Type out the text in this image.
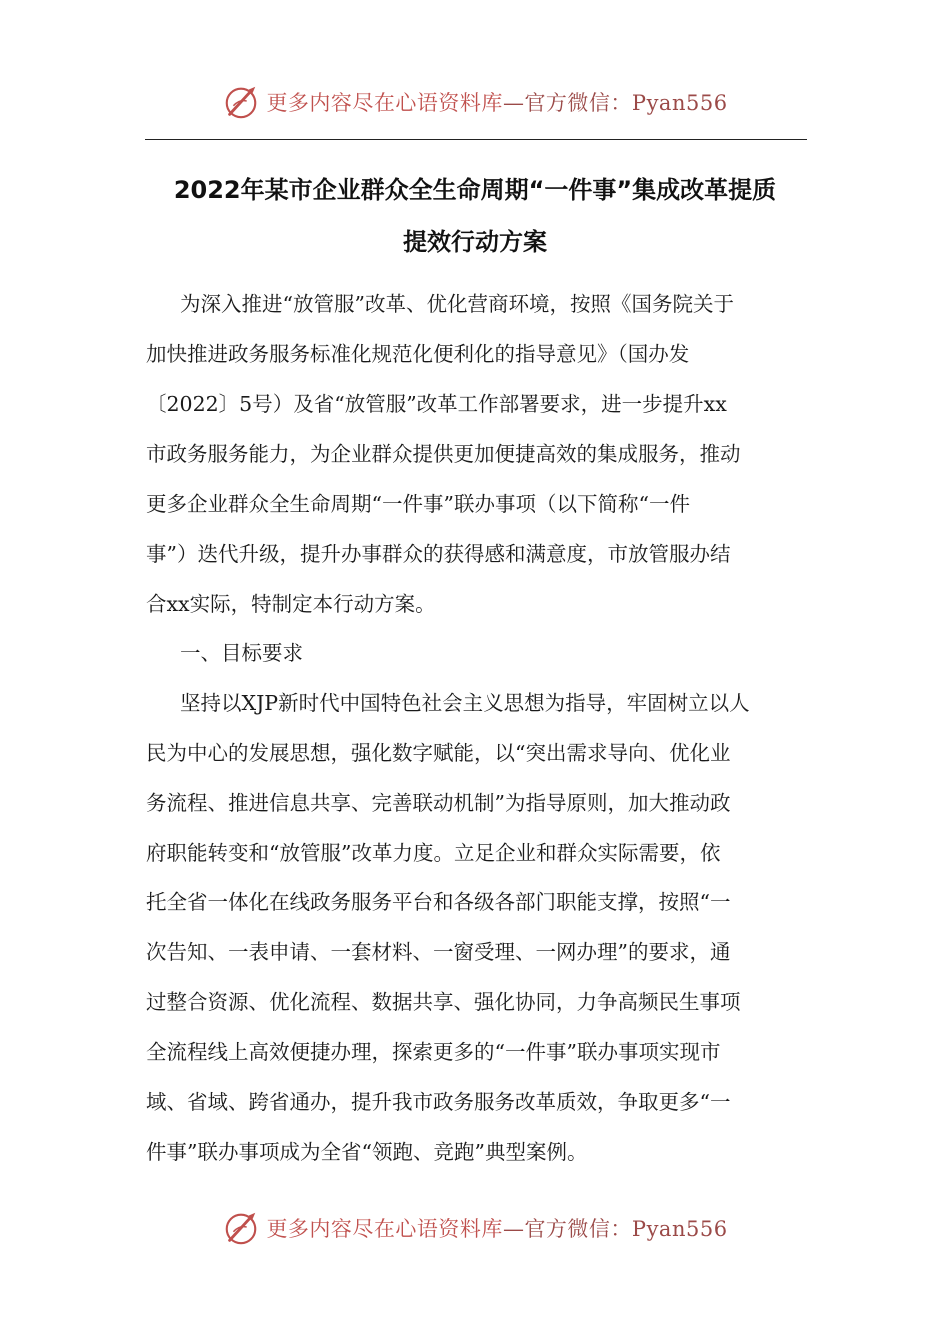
更多内容尽在心语资料库—官方微信：Pyan556
2022年某市企业群众全生命周期“一件事”集成改革提质
提效行动方案
为深入推进“放管服”改革、优化营商环境，按照《国务院关于
加快推进政务服务标准化规范化便利化的指导意见》（国办发
〔2022〕5号）及省“放管服”改革工作部署要求，进一步提升xx
市政务服务能力，为企业群众提供更加便捷高效的集成服务，推动
更多企业群众全生命周期“一件事”联办事项（以下简称“一件
事”）迭代升级，提升办事群众的获得感和满意度，市放管服办结
合xx实际，特制定本行动方案。
一、目标要求
坚持以XJP新时代中国特色社会主义思想为指导，牢固树立以人
民为中心的发展思想，强化数字赋能，以“突出需求导向、优化业
务流程、推进信息共享、完善联动机制”为指导原则，加大推动政
府职能转变和“放管服”改革力度。立足企业和群众实际需要，依
托全省一体化在线政务服务平台和各级各部门职能支撑，按照“一
次告知、一表申请、一套材料、一窗受理、一网办理”的要求，通
过整合资源、优化流程、数据共享、强化协同，力争高频民生事项
全流程线上高效便捷办理，探索更多的“一件事”联办事项实现市
域、省域、跨省通办，提升我市政务服务改革质效，争取更多“一
件事”联办事项成为全省“领跑、竞跑”典型案例。
更多内容尽在心语资料库—官方微信：Pyan556
